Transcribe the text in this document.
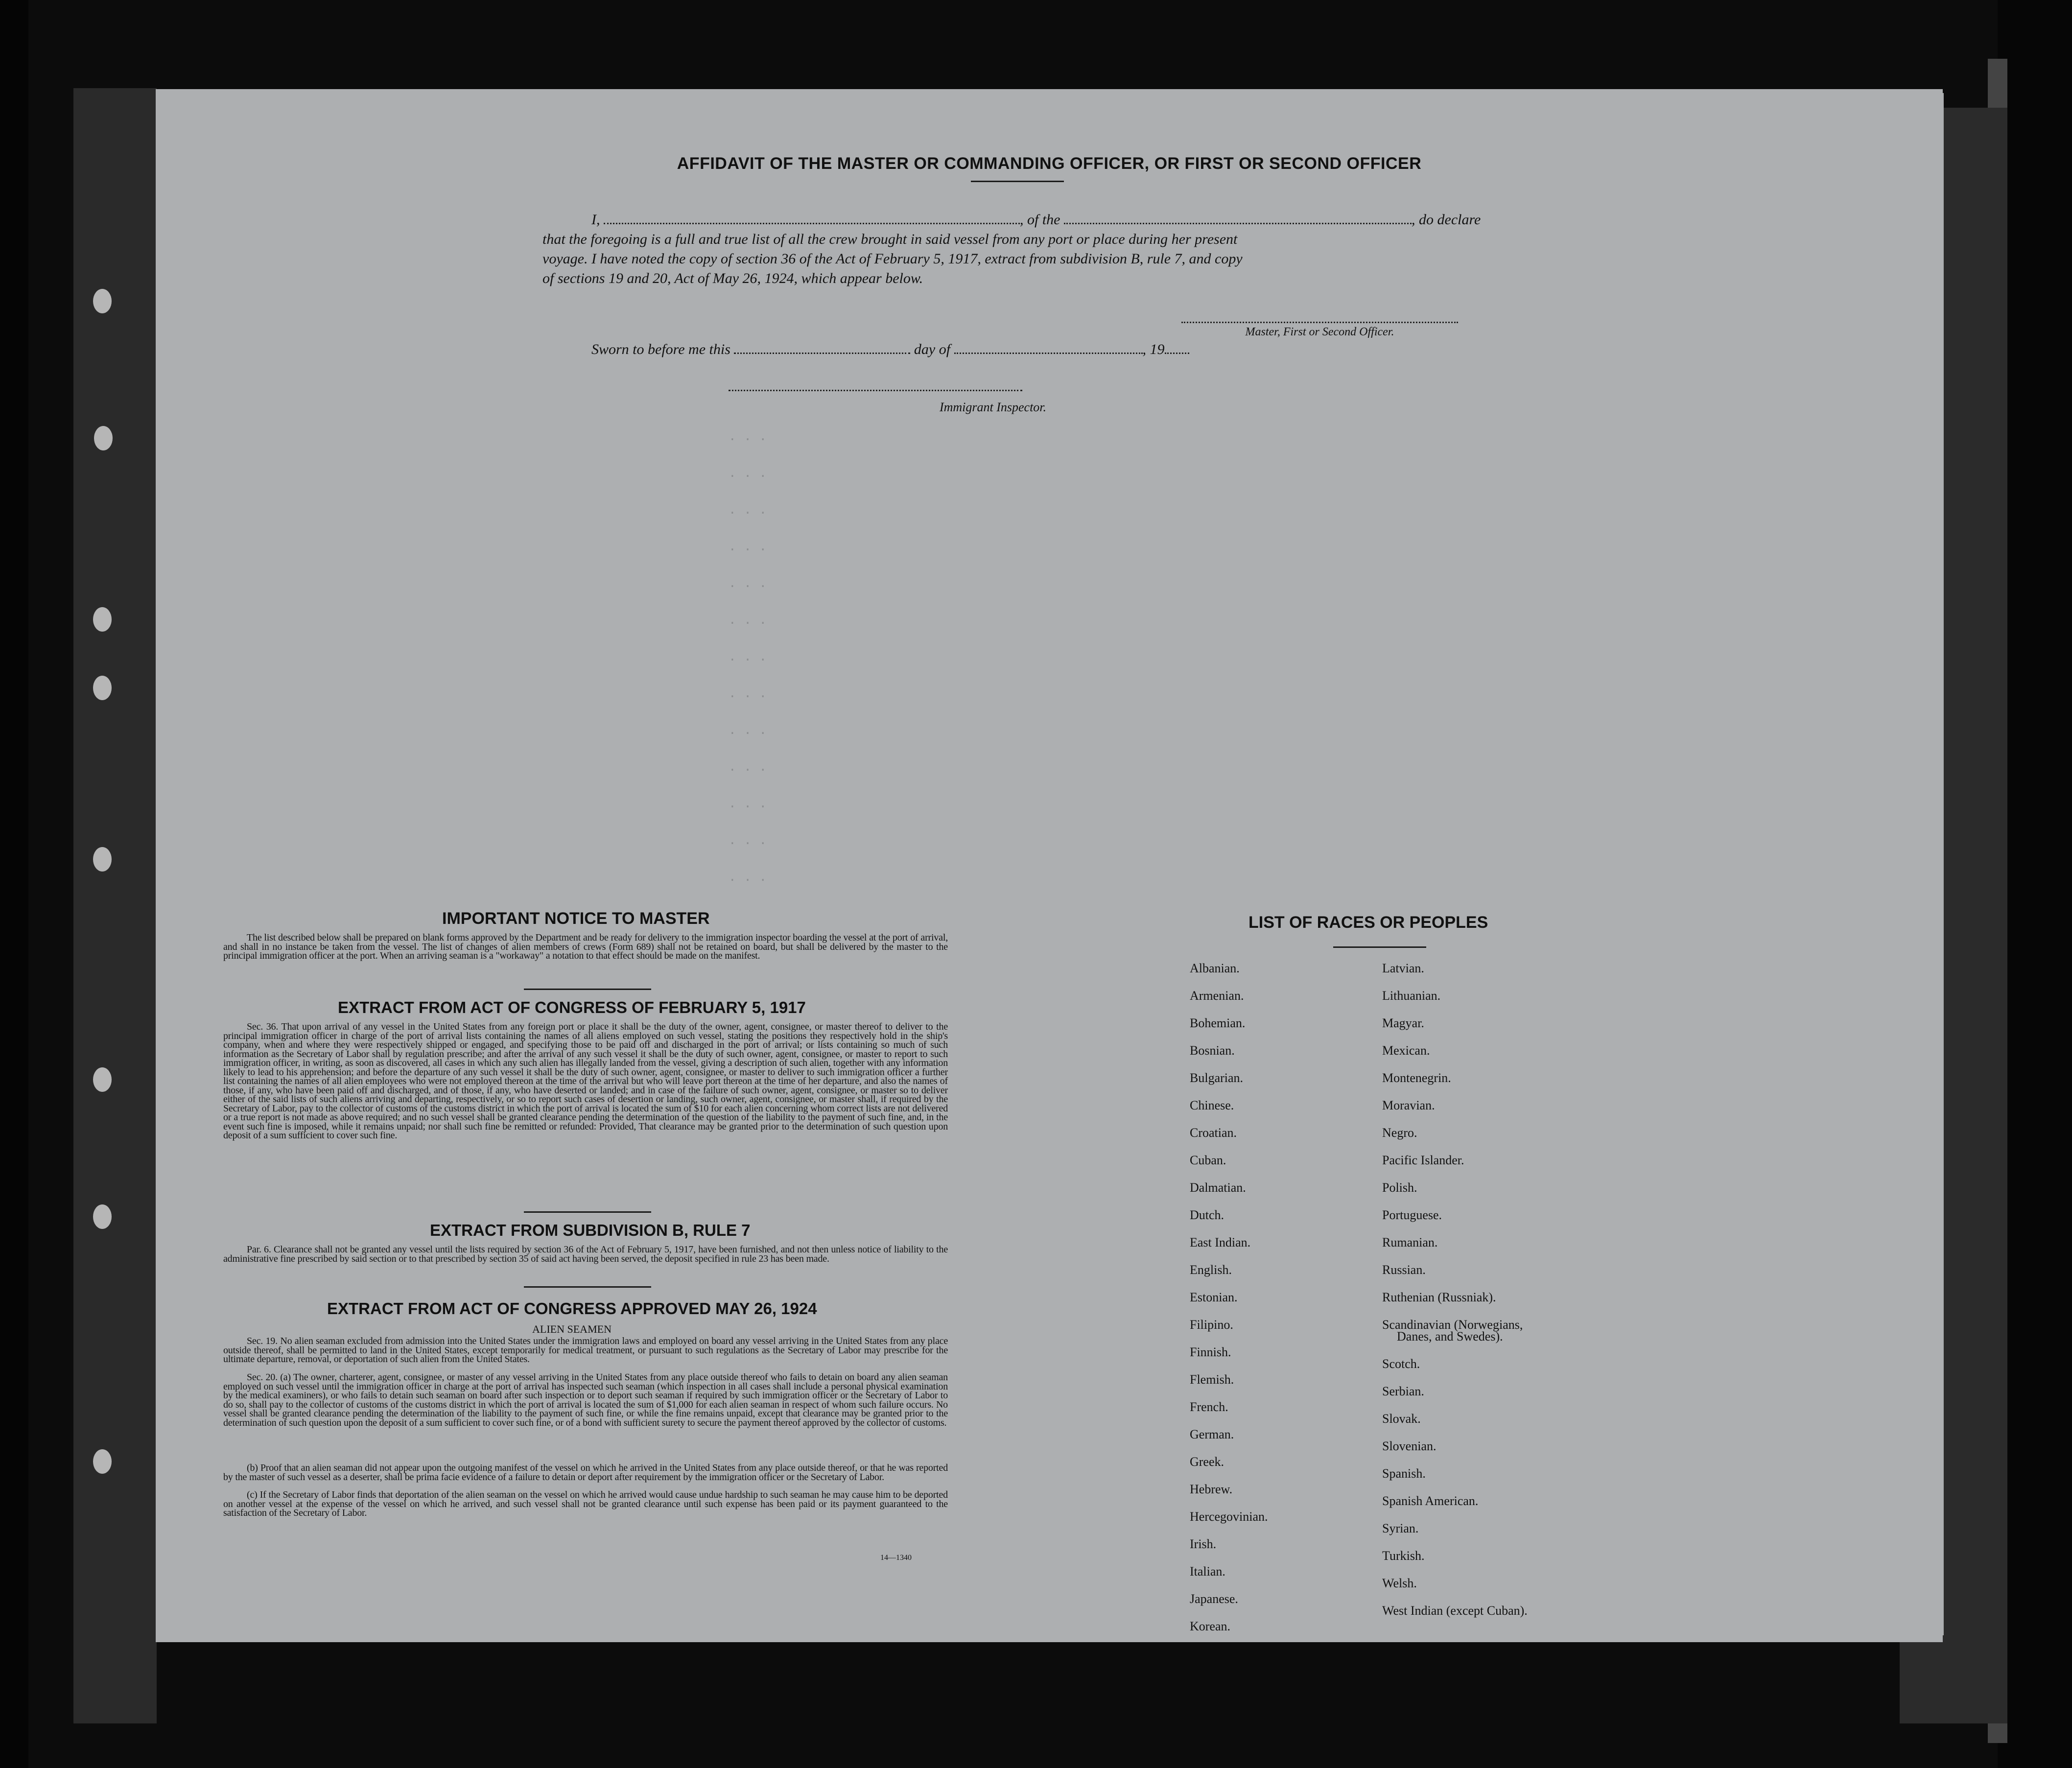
AFFIDAVIT OF THE MASTER OR COMMANDING OFFICER, OR FIRST OR SECOND OFFICER
I,	, of the	, do declare
that the foregoing is a full and true list of all the crew brought in said vessel from any port or place during her present
voyage. I have noted the copy of section 36 of the Act of February 5, 1917, extract from subdivision B, rule 7, and copy
of sections 19 and 20, Act of May 26, 1924, which appear below.
Master, First or Second Officer.
Sworn to before me this	day of	, 19
Immigrant Inspector.
. . .
. . .
. . .
. . .
. . .
. . .
. . .
. . .
. . .
. . .
. . .
. . .
. . .
IMPORTANT NOTICE TO MASTER
The list described below shall be prepared on blank forms approved by the Department and be ready for delivery to the immigration inspector boarding the vessel at the port of arrival, and shall in no instance be taken from the vessel. The list of changes of alien members of crews (Form 689) shall not be retained on board, but shall be delivered by the master to the principal immigration officer at the port. When an arriving seaman is a "workaway" a notation to that effect should be made on the manifest.
EXTRACT FROM ACT OF CONGRESS OF FEBRUARY 5, 1917
Sec. 36. That upon arrival of any vessel in the United States from any foreign port or place it shall be the duty of the owner, agent, consignee, or master thereof to deliver to the principal immigration officer in charge of the port of arrival lists containing the names of all aliens employed on such vessel, stating the positions they respectively hold in the ship's company, when and where they were respectively shipped or engaged, and specifying those to be paid off and discharged in the port of arrival; or lists containing so much of such information as the Secretary of Labor shall by regulation prescribe; and after the arrival of any such vessel it shall be the duty of such owner, agent, consignee, or master to report to such immigration officer, in writing, as soon as discovered, all cases in which any such alien has illegally landed from the vessel, giving a description of such alien, together with any information likely to lead to his apprehension; and before the departure of any such vessel it shall be the duty of such owner, agent, consignee, or master to deliver to such immigration officer a further list containing the names of all alien employees who were not employed thereon at the time of the arrival but who will leave port thereon at the time of her departure, and also the names of those, if any, who have been paid off and discharged, and of those, if any, who have deserted or landed; and in case of the failure of such owner, agent, consignee, or master so to deliver either of the said lists of such aliens arriving and departing, respectively, or so to report such cases of desertion or landing, such owner, agent, consignee, or master shall, if required by the Secretary of Labor, pay to the collector of customs of the customs district in which the port of arrival is located the sum of $10 for each alien concerning whom correct lists are not delivered or a true report is not made as above required; and no such vessel shall be granted clearance pending the determination of the question of the liability to the payment of such fine, and, in the event such fine is imposed, while it remains unpaid; nor shall such fine be remitted or refunded: Provided, That clearance may be granted prior to the determination of such question upon deposit of a sum sufficient to cover such fine.
EXTRACT FROM SUBDIVISION B, RULE 7
Par. 6. Clearance shall not be granted any vessel until the lists required by section 36 of the Act of February 5, 1917, have been furnished, and not then unless notice of liability to the administrative fine prescribed by said section or to that prescribed by section 35 of said act having been served, the deposit specified in rule 23 has been made.
EXTRACT FROM ACT OF CONGRESS APPROVED MAY 26, 1924
ALIEN SEAMEN
Sec. 19. No alien seaman excluded from admission into the United States under the immigration laws and employed on board any vessel arriving in the United States from any place outside thereof, shall be permitted to land in the United States, except temporarily for medical treatment, or pursuant to such regulations as the Secretary of Labor may prescribe for the ultimate departure, removal, or deportation of such alien from the United States.
Sec. 20. (a) The owner, charterer, agent, consignee, or master of any vessel arriving in the United States from any place outside thereof who fails to detain on board any alien seaman employed on such vessel until the immigration officer in charge at the port of arrival has inspected such seaman (which inspection in all cases shall include a personal physical examination by the medical examiners), or who fails to detain such seaman on board after such inspection or to deport such seaman if required by such immigration officer or the Secretary of Labor to do so, shall pay to the collector of customs of the customs district in which the port of arrival is located the sum of $1,000 for each alien seaman in respect of whom such failure occurs. No vessel shall be granted clearance pending the determination of the liability to the payment of such fine, or while the fine remains unpaid, except that clearance may be granted prior to the determination of such question upon the deposit of a sum sufficient to cover such fine, or of a bond with sufficient surety to secure the payment thereof approved by the collector of customs.
(b) Proof that an alien seaman did not appear upon the outgoing manifest of the vessel on which he arrived in the United States from any place outside thereof, or that he was reported by the master of such vessel as a deserter, shall be prima facie evidence of a failure to detain or deport after requirement by the immigration officer or the Secretary of Labor.
(c) If the Secretary of Labor finds that deportation of the alien seaman on the vessel on which he arrived would cause undue hardship to such seaman he may cause him to be deported on another vessel at the expense of the vessel on which he arrived, and such vessel shall not be granted clearance until such expense has been paid or its payment guaranteed to the satisfaction of the Secretary of Labor.
14—1340
LIST OF RACES OR PEOPLES
Albanian.
Armenian.
Bohemian.
Bosnian.
Bulgarian.
Chinese.
Croatian.
Cuban.
Dalmatian.
Dutch.
East Indian.
English.
Estonian.
Filipino.
Finnish.
Flemish.
French.
German.
Greek.
Hebrew.
Hercegovinian.
Irish.
Italian.
Japanese.
Korean.
Latvian.
Lithuanian.
Magyar.
Mexican.
Montenegrin.
Moravian.
Negro.
Pacific Islander.
Polish.
Portuguese.
Rumanian.
Russian.
Ruthenian (Russniak).
Scandinavian (Norwegians,
Danes, and Swedes).
Scotch.
Serbian.
Slovak.
Slovenian.
Spanish.
Spanish American.
Syrian.
Turkish.
Welsh.
West Indian (except Cuban).
